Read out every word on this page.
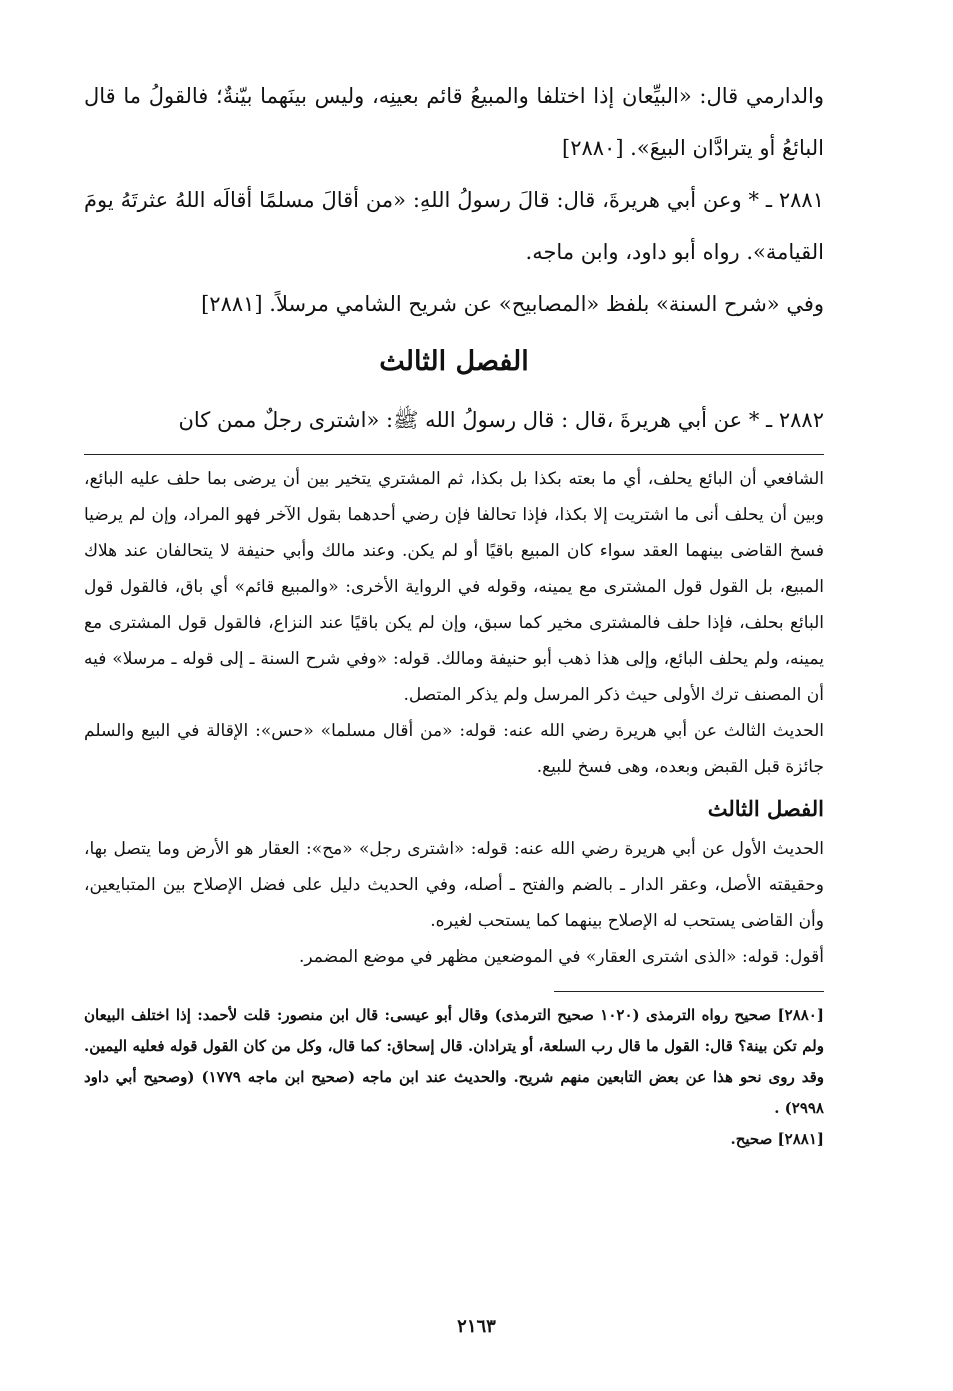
والدارمي قال: «البيِّعان إذا اختلفا والمبيعُ قائم بعينِه، وليس بينَهما بيّنةٌ؛ فالقولُ ما قال البائعُ أو يترادَّان البيعَ». [٢٨٨٠]

٢٨٨١ ـ * وعن أبي هريرةَ، قال: قالَ رسولُ اللهِ: «من أقالَ مسلمًا أقالَه اللهُ عثرتَهُ يومَ القيامة». رواه أبو داود، وابن ماجه.

وفي «شرح السنة» بلفظ «المصابيح» عن شريح الشامي مرسلاً. [٢٨٨١]

الفصل الثالث

٢٨٨٢ ـ * عن أبي هريرةَ ،قال : قال رسولُ الله ﷺ: «اشترى رجلٌ ممن كان

الشافعي أن البائع يحلف، أي ما بعته بكذا بل بكذا، ثم المشتري يتخير بين أن يرضى بما حلف عليه البائع، وبين أن يحلف أنى ما اشتريت إلا بكذا، فإذا تحالفا فإن رضي أحدهما بقول الآخر فهو المراد، وإن لم يرضيا فسخ القاضى بينهما العقد سواء كان المبيع باقيًا أو لم يكن. وعند مالك وأبي حنيفة لا يتحالفان عند هلاك المبيع، بل القول قول المشترى مع يمينه، وقوله في الرواية الأخرى: «والمبيع قائم» أي باق، فالقول قول البائع بحلف، فإذا حلف فالمشترى مخير كما سبق، وإن لم يكن باقيًا عند النزاع، فالقول قول المشترى مع يمينه، ولم يحلف البائع، وإلى هذا ذهب أبو حنيفة ومالك. قوله: «وفي شرح السنة ـ إلى قوله ـ مرسلا» فيه أن المصنف ترك الأولى حيث ذكر المرسل ولم يذكر المتصل.

الحديث الثالث عن أبي هريرة رضي الله عنه: قوله: «من أقال مسلما» «حس»: الإقالة في البيع والسلم جائزة قبل القبض وبعده، وهى فسخ للبيع.

الفصل الثالث

الحديث الأول عن أبي هريرة رضي الله عنه: قوله: «اشترى رجل» «مح»: العقار هو الأرض وما يتصل بها، وحقيقته الأصل، وعقر الدار ـ بالضم والفتح ـ أصله، وفي الحديث دليل على فضل الإصلاح بين المتبايعين، وأن القاضى يستحب له الإصلاح بينهما كما يستحب لغيره.

أقول: قوله: «الذى اشترى العقار» في الموضعين مظهر في موضع المضمر.

[٢٨٨٠] صحيح رواه الترمذى (١٠٢٠ صحيح الترمذى) وقال أبو عيسى: قال ابن منصور: قلت لأحمد: إذا اختلف البيعان ولم تكن بينة؟ قال: القول ما قال رب السلعة، أو يترادان. قال إسحاق: كما قال، وكل من كان القول قوله فعليه اليمين. وقد روى نحو هذا عن بعض التابعين منهم شريح. والحديث عند ابن ماجه (صحيح ابن ماجه ١٧٧٩) (وصحيح أبي داود ٢٩٩٨) .

[٢٨٨١] صحيح.

٢١٦٣
